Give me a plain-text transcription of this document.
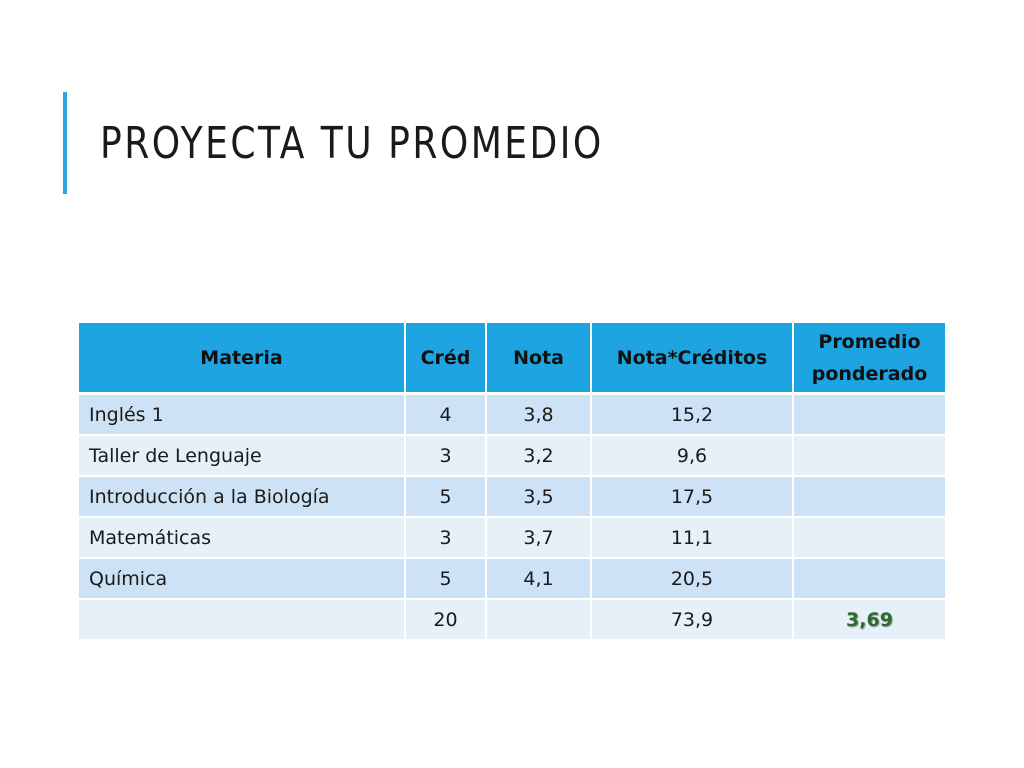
PROYECTA TU PROMEDIO
Materia	Créd	Nota	Nota*Créditos	Promedio ponderado
Inglés 1	4	3,8	15,2	
Taller de Lenguaje	3	3,2	9,6	
Introducción a la Biología	5	3,5	17,5	
Matemáticas	3	3,7	11,1	
Química	5	4,1	20,5	
	20		73,9	3,69
